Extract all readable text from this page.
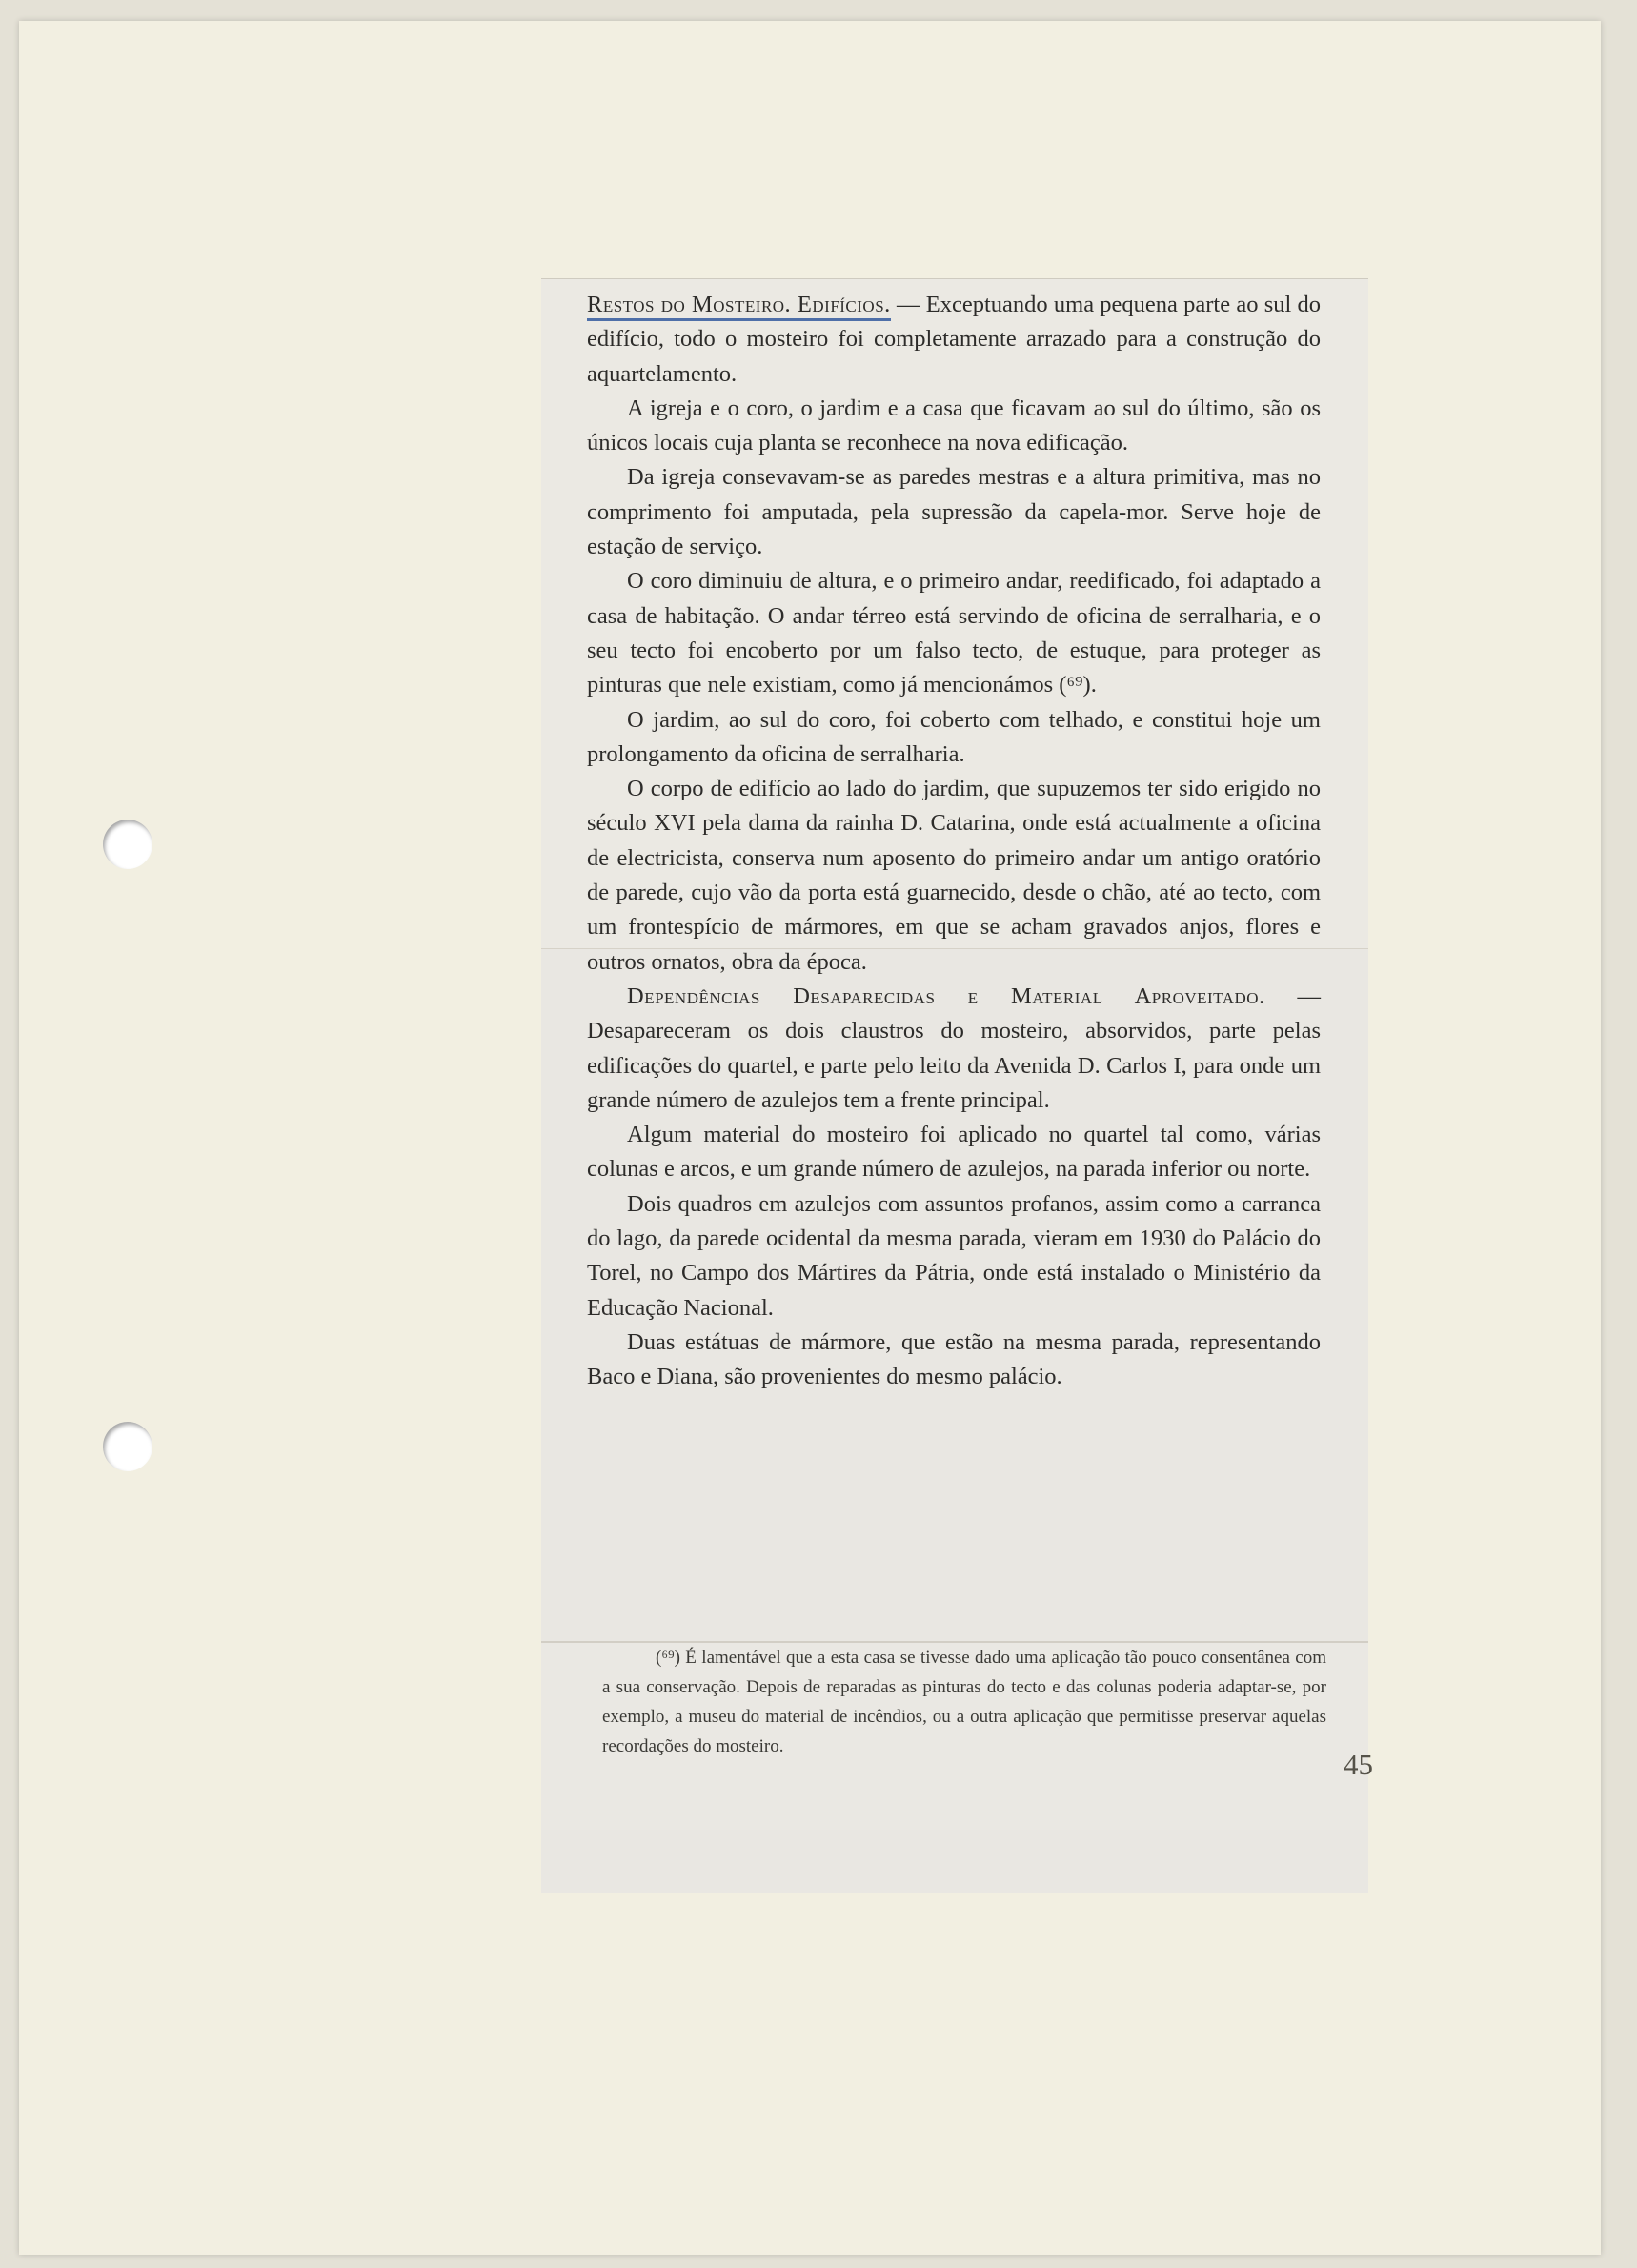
Restos do Mosteiro. Edifícios. — Exceptuando uma pequena parte ao sul do edifício, todo o mosteiro foi completamente arrazado para a construção do aquartelamento.

A igreja e o coro, o jardim e a casa que ficavam ao sul do último, são os únicos locais cuja planta se reconhece na nova edificação.

Da igreja consevavam-se as paredes mestras e a altura primitiva, mas no comprimento foi amputada, pela supressão da capela-mor. Serve hoje de estação de serviço.

O coro diminuiu de altura, e o primeiro andar, reedificado, foi adaptado a casa de habitação. O andar térreo está servindo de oficina de serralharia, e o seu tecto foi encoberto por um falso tecto, de estuque, para proteger as pinturas que nele existiam, como já mencionámos (⁶⁹).

O jardim, ao sul do coro, foi coberto com telhado, e constitui hoje um prolongamento da oficina de serralharia.

O corpo de edifício ao lado do jardim, que supuzemos ter sido erigido no século XVI pela dama da rainha D. Catarina, onde está actualmente a oficina de electricista, conserva num aposento do primeiro andar um antigo oratório de parede, cujo vão da porta está guarnecido, desde o chão, até ao tecto, com um frontespício de mármores, em que se acham gravados anjos, flores e outros ornatos, obra da época.

Dependências Desaparecidas e Material Aproveitado. —Desapareceram os dois claustros do mosteiro, absorvidos, parte pelas edificações do quartel, e parte pelo leito da Avenida D. Carlos I, para onde um grande número de azulejos tem a frente principal.

Algum material do mosteiro foi aplicado no quartel tal como, várias colunas e arcos, e um grande número de azulejos, na parada inferior ou norte.

Dois quadros em azulejos com assuntos profanos, assim como a carranca do lago, da parede ocidental da mesma parada, vieram em 1930 do Palácio do Torel, no Campo dos Mártires da Pátria, onde está instalado o Ministério da Educação Nacional.

Duas estátuas de mármore, que estão na mesma parada, representando Baco e Diana, são provenientes do mesmo palácio.

(⁶⁹) É lamentável que a esta casa se tivesse dado uma aplicação tão pouco consentânea com a sua conservação. Depois de reparadas as pinturas do tecto e das colunas poderia adaptar-se, por exemplo, a museu do material de incêndios, ou a outra aplicação que permitisse preservar aquelas recordações do mosteiro.

45
